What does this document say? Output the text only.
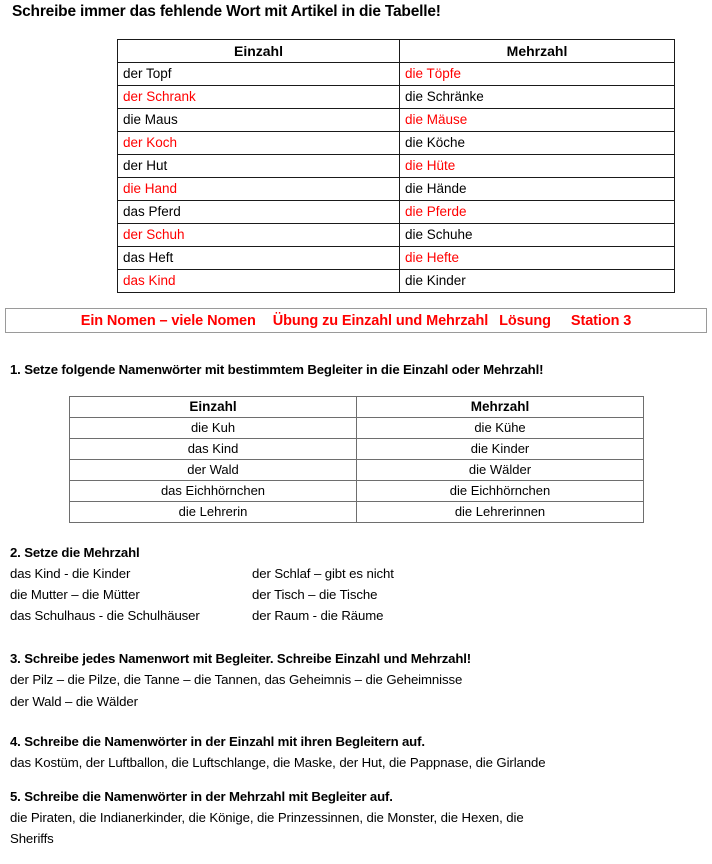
Schreibe immer das fehlende Wort mit Artikel in die Tabelle!
Einzahl	Mehrzahl
der Topf	die Töpfe
der Schrank	die Schränke
die Maus	die Mäuse
der Koch	die Köche
der Hut	die Hüte
die Hand	die Hände
das Pferd	die Pferde
der Schuh	die Schuhe
das Heft	die Hefte
das Kind	die Kinder
Ein Nomen – viele Nomen Übung zu Einzahl und Mehrzahl Lösung Station 3
1. Setze folgende Namenwörter mit bestimmtem Begleiter in die Einzahl oder Mehrzahl!
Einzahl	Mehrzahl
die Kuh	die Kühe
das Kind	die Kinder
der Wald	die Wälder
das Eichhörnchen	die Eichhörnchen
die Lehrerin	die Lehrerinnen
2. Setze die Mehrzahl
das Kind - die Kinder	der Schlaf – gibt es nicht
die Mutter – die Mütter	der Tisch – die Tische
das Schulhaus - die Schulhäuser	der Raum - die Räume
3. Schreibe jedes Namenwort mit Begleiter. Schreibe Einzahl und Mehrzahl!
der Pilz – die Pilze, die Tanne – die Tannen, das Geheimnis – die Geheimnisse
der Wald – die Wälder
4. Schreibe die Namenwörter in der Einzahl mit ihren Begleitern auf.
das Kostüm, der Luftballon, die Luftschlange, die Maske, der Hut, die Pappnase, die Girlande
5. Schreibe die Namenwörter in der Mehrzahl mit Begleiter auf.
die Piraten, die Indianerkinder, die Könige, die Prinzessinnen, die Monster, die Hexen, die
Sheriffs
